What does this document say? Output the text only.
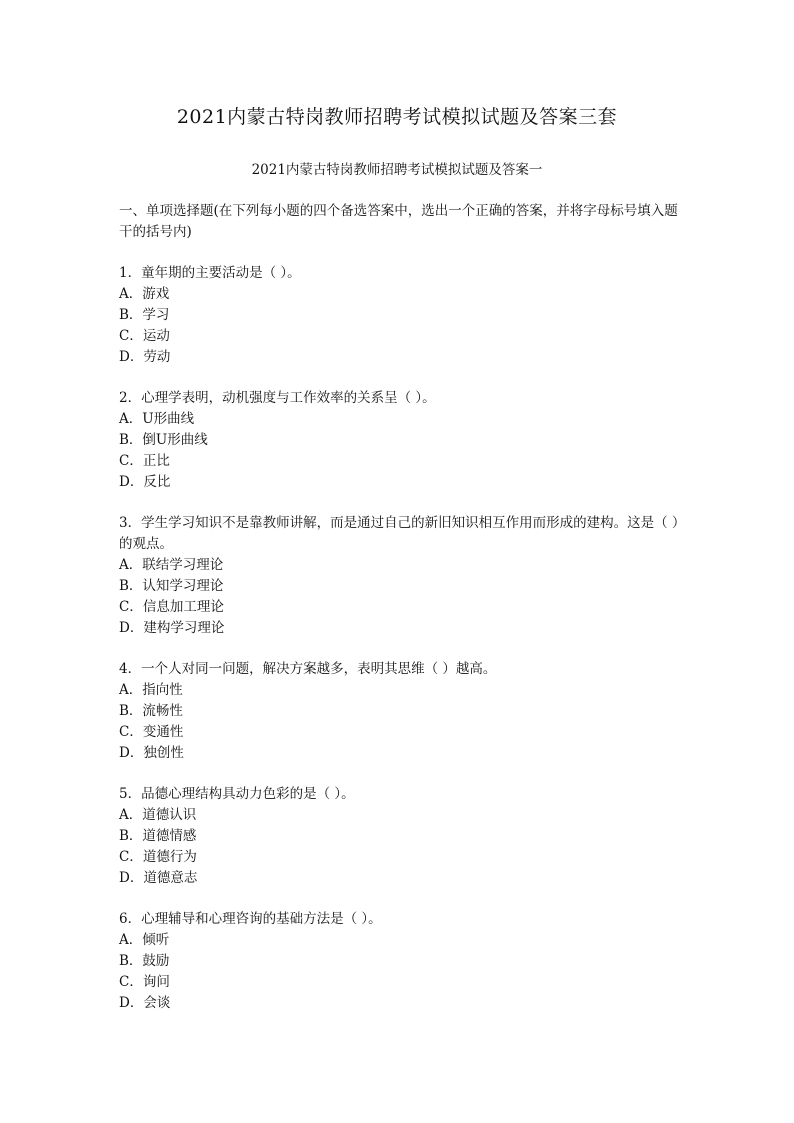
2021内蒙古特岗教师招聘考试模拟试题及答案三套
2021内蒙古特岗教师招聘考试模拟试题及答案一
一、单项选择题(在下列每小题的四个备选答案中，选出一个正确的答案，并将字母标号填入题干的括号内)
1．童年期的主要活动是（ ）。
A．游戏
B．学习
C．运动
D．劳动
2．心理学表明，动机强度与工作效率的关系呈（ ）。
A．U形曲线
B．倒U形曲线
C．正比
D．反比
3．学生学习知识不是靠教师讲解，而是通过自己的新旧知识相互作用而形成的建构。这是（ ）的观点。
A．联结学习理论
B．认知学习理论
C．信息加工理论
D．建构学习理论
4．一个人对同一问题，解决方案越多，表明其思维（ ）越高。
A．指向性
B．流畅性
C．变通性
D．独创性
5．品德心理结构具动力色彩的是（ ）。
A．道德认识
B．道德情感
C．道德行为
D．道德意志
6．心理辅导和心理咨询的基础方法是（ ）。
A．倾听
B．鼓励
C．询问
D．会谈
